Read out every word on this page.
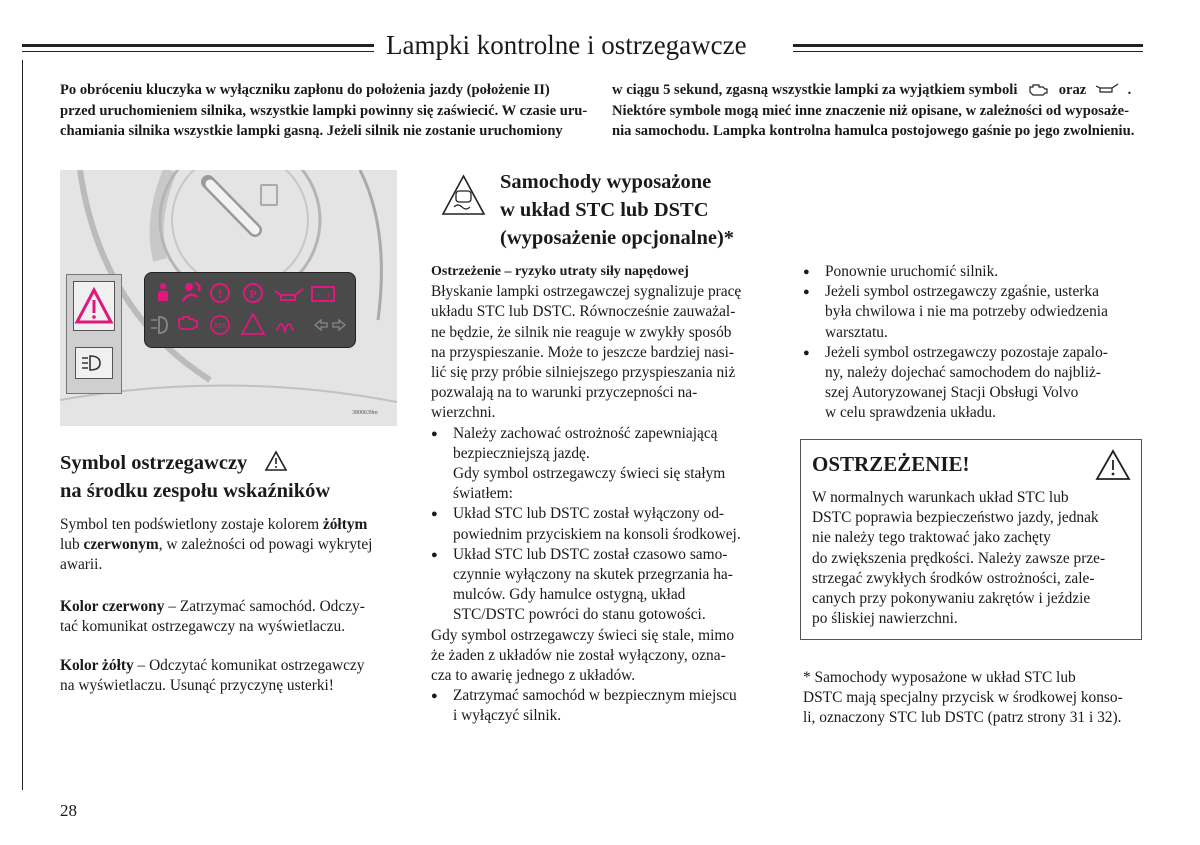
Lampki kontrolne i ostrzegawcze

Po obróceniu kluczyka w wyłączniku zapłonu do położenia jazdy (położenie II)

przed uruchomieniem silnika, wszystkie lampki powinny się zaświecić. W czasie uru-

chamiania silnika wszystkie lampki gasną. Jeżeli silnik nie zostanie uruchomiony

w ciągu 5 sekund, zgasną wszystkie lampki za wyjątkiem symboli	oraz	.

Niektóre symbole mogą mieć inne znaczenie niż opisane, w zależności od wyposaże-

nia samochodu. Lampka kontrolna hamulca postojowego gaśnie po jego zwolnieniu.

! P	- +
ABS
3800639m
Symbol ostrzegawczy
na środku zespołu wskaźników

Symbol ten podświetlony zostaje kolorem żółtym

lub czerwonym, w zależności od powagi wykrytej

awarii.

Kolor czerwony – Zatrzymać samochód. Odczy-

tać komunikat ostrzegawczy na wyświetlaczu.

Kolor żółty – Odczytać komunikat ostrzegawczy

na wyświetlaczu. Usunąć przyczynę usterki!

Samochody wyposażone
w układ STC lub DSTC
(wyposażenie opcjonalne)*

Ostrzeżenie – ryzyko utraty siły napędowej

Błyskanie lampki ostrzegawczej sygnalizuje pracę

układu STC lub DSTC. Równocześnie zauważal-

ne będzie, że silnik nie reaguje w zwykły sposób

na przyspieszanie. Może to jeszcze bardziej nasi-

lić się przy próbie silniejszego przyspieszania niż

pozwalają na to warunki przyczepności na-

wierzchni.

● Należy zachować ostrożność zapewniającą

bezpieczniejszą jazdę.

Gdy symbol ostrzegawczy świeci się stałym

światłem:

● Układ STC lub DSTC został wyłączony od-

powiednim przyciskiem na konsoli środkowej.

● Układ STC lub DSTC został czasowo samo-

czynnie wyłączony na skutek przegrzania ha-

mulców. Gdy hamulce ostygną, układ

STC/DSTC powróci do stanu gotowości.

Gdy symbol ostrzegawczy świeci się stale, mimo

że żaden z układów nie został wyłączony, ozna-

cza to awarię jednego z układów.

● Zatrzymać samochód w bezpiecznym miejscu

i wyłączyć silnik.

● Ponownie uruchomić silnik.

● Jeżeli symbol ostrzegawczy zgaśnie, usterka

była chwilowa i nie ma potrzeby odwiedzenia

warsztatu.

● Jeżeli symbol ostrzegawczy pozostaje zapalo-

ny, należy dojechać samochodem do najbliż-

szej Autoryzowanej Stacji Obsługi Volvo

w celu sprawdzenia układu.

OSTRZEŻENIE!

W normalnych warunkach układ STC lub

DSTC poprawia bezpieczeństwo jazdy, jednak

nie należy tego traktować jako zachęty

do zwiększenia prędkości. Należy zawsze prze-

strzegać zwykłych środków ostrożności, zale-

canych przy pokonywaniu zakrętów i jeździe

po śliskiej nawierzchni.

* Samochody wyposażone w układ STC lub

DSTC mają specjalny przycisk w środkowej konso-

li, oznaczony STC lub DSTC (patrz strony 31 i 32).

28
